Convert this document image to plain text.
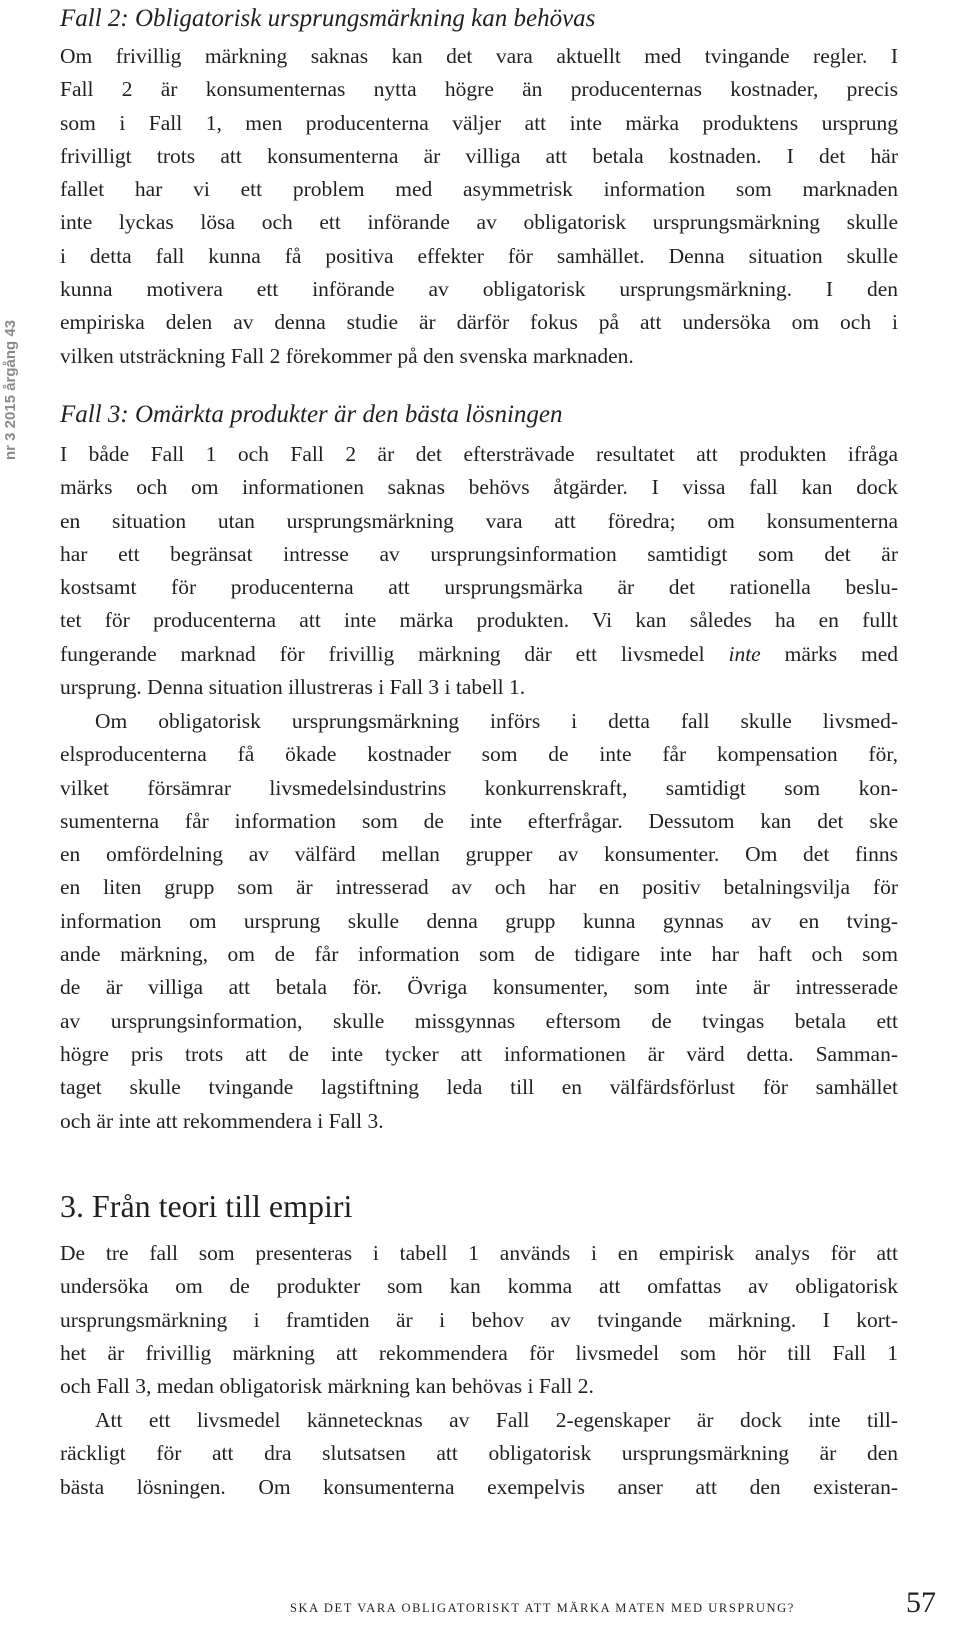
nr 3 2015 årgång 43
Fall 2: Obligatorisk ursprungsmärkning kan behövas

Om frivillig märkning saknas kan det vara aktuellt med tvingande regler. I
Fall 2 är konsumenternas nytta högre än producenternas kostnader, precis
som i Fall 1, men producenterna väljer att inte märka produktens ursprung
frivilligt trots att konsumenterna är villiga att betala kostnaden. I det här
fallet har vi ett problem med asymmetrisk information som marknaden
inte lyckas lösa och ett införande av obligatorisk ursprungsmärkning skulle
i detta fall kunna få positiva effekter för samhället. Denna situation skulle
kunna motivera ett införande av obligatorisk ursprungsmärkning. I den
empiriska delen av denna studie är därför fokus på att undersöka om och i
vilken utsträckning Fall 2 förekommer på den svenska marknaden.

Fall 3: Omärkta produkter är den bästa lösningen

I både Fall 1 och Fall 2 är det eftersträvade resultatet att produkten ifråga
märks och om informationen saknas behövs åtgärder. I vissa fall kan dock
en situation utan ursprungsmärkning vara att föredra; om konsumenterna
har ett begränsat intresse av ursprungsinformation samtidigt som det är
kostsamt för producenterna att ursprungsmärka är det rationella beslu-
tet för producenterna att inte märka produkten. Vi kan således ha en fullt
fungerande marknad för frivillig märkning där ett livsmedel inte märks med
ursprung. Denna situation illustreras i Fall 3 i tabell 1.

Om obligatorisk ursprungsmärkning införs i detta fall skulle livsmed-
elsproducenterna få ökade kostnader som de inte får kompensation för,
vilket försämrar livsmedelsindustrins konkurrenskraft, samtidigt som kon-
sumenterna får information som de inte efterfrågar. Dessutom kan det ske
en omfördelning av välfärd mellan grupper av konsumenter. Om det finns
en liten grupp som är intresserad av och har en positiv betalningsvilja för
information om ursprung skulle denna grupp kunna gynnas av en tving-
ande märkning, om de får information som de tidigare inte har haft och som
de är villiga att betala för. Övriga konsumenter, som inte är intresserade
av ursprungsinformation, skulle missgynnas eftersom de tvingas betala ett
högre pris trots att de inte tycker att informationen är värd detta. Samman-
taget skulle tvingande lagstiftning leda till en välfärdsförlust för samhället
och är inte att rekommendera i Fall 3.

3. Från teori till empiri

De tre fall som presenteras i tabell 1 används i en empirisk analys för att
undersöka om de produkter som kan komma att omfattas av obligatorisk
ursprungsmärkning i framtiden är i behov av tvingande märkning. I kort-
het är frivillig märkning att rekommendera för livsmedel som hör till Fall 1
och Fall 3, medan obligatorisk märkning kan behövas i Fall 2.

Att ett livsmedel kännetecknas av Fall 2-egenskaper är dock inte till-
räckligt för att dra slutsatsen att obligatorisk ursprungsmärkning är den
bästa lösningen. Om konsumenterna exempelvis anser att den existeran-

SKA DET VARA OBLIGATORISKT ATT MÄRKA MATEN MED URSPRUNG?	57
